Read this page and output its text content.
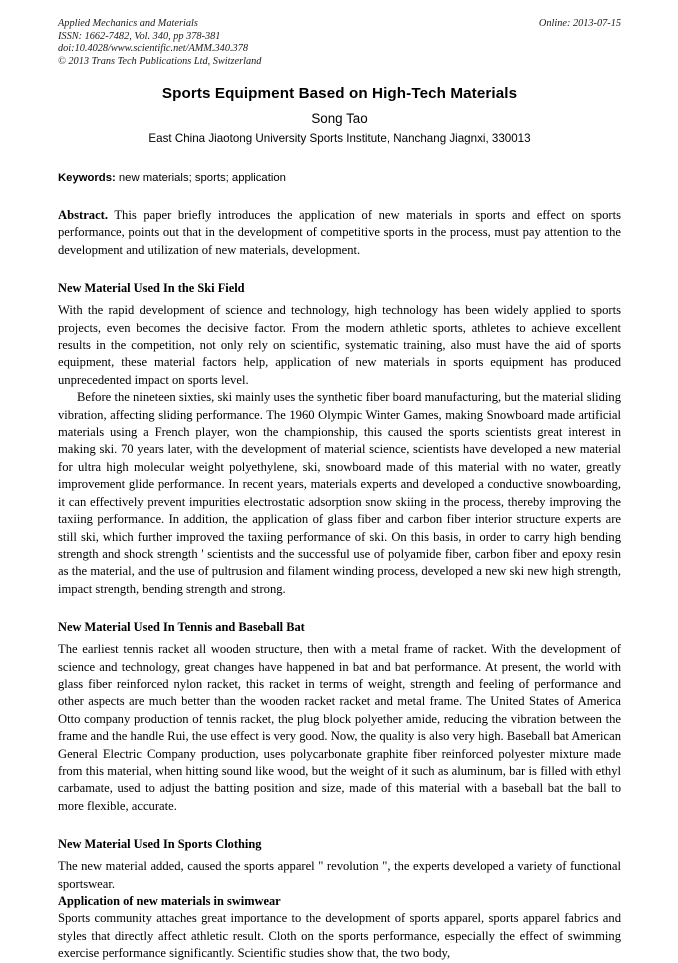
Applied Mechanics and Materials
ISSN: 1662-7482, Vol. 340, pp 378-381
doi:10.4028/www.scientific.net/AMM.340.378
© 2013 Trans Tech Publications Ltd, Switzerland
Online: 2013-07-15
Sports Equipment Based on High-Tech Materials
Song Tao
East China Jiaotong University Sports Institute, Nanchang Jiagnxi, 330013
Keywords: new materials; sports; application
Abstract. This paper briefly introduces the application of new materials in sports and effect on sports performance, points out that in the development of competitive sports in the process, must pay attention to the development and utilization of new materials, development.
New Material Used In the Ski Field

With the rapid development of science and technology, high technology has been widely applied to sports projects, even becomes the decisive factor. From the modern athletic sports, athletes to achieve excellent results in the competition, not only rely on scientific, systematic training, also must have the aid of sports equipment, these material factors help, application of new materials in sports equipment has produced unprecedented impact on sports level.

Before the nineteen sixties, ski mainly uses the synthetic fiber board manufacturing, but the material sliding vibration, affecting sliding performance. The 1960 Olympic Winter Games, making Snowboard made artificial materials using a French player, won the championship, this caused the sports scientists great interest in making ski. 70 years later, with the development of material science, scientists have developed a new material for ultra high molecular weight polyethylene, ski, snowboard made of this material with no water, greatly improvement glide performance. In recent years, materials experts and developed a conductive snowboarding, it can effectively prevent impurities electrostatic adsorption snow skiing in the process, thereby improving the taxiing performance. In addition, the application of glass fiber and carbon fiber interior structure experts are still ski, which further improved the taxiing performance of ski. On this basis, in order to carry high bending strength and shock strength ' scientists and the successful use of polyamide fiber, carbon fiber and epoxy resin as the material, and the use of pultrusion and filament winding process, developed a new ski new high strength, impact strength, bending strength and strong.

New Material Used In Tennis and Baseball Bat

The earliest tennis racket all wooden structure, then with a metal frame of racket. With the development of science and technology, great changes have happened in bat and bat performance. At present, the world with glass fiber reinforced nylon racket, this racket in terms of weight, strength and feeling of performance and other aspects are much better than the wooden racket racket and metal frame. The United States of America Otto company production of tennis racket, the plug block polyether amide, reducing the vibration between the frame and the handle Rui, the use effect is very good. Now, the quality is also very high. Baseball bat American General Electric Company production, uses polycarbonate graphite fiber reinforced polyester mixture made from this material, when hitting sound like wood, but the weight of it such as aluminum, bar is filled with ethyl carbamate, used to adjust the batting position and size, made of this material with a baseball bat the ball to more flexible, accurate.

New Material Used In Sports Clothing

The new material added, caused the sports apparel " revolution ", the experts developed a variety of functional sportswear.

Application of new materials in swimwear

Sports community attaches great importance to the development of sports apparel, sports apparel fabrics and styles that directly affect athletic result. Cloth on the sports performance, especially the effect of swimming exercise performance significantly. Scientific studies show that, the two body,
